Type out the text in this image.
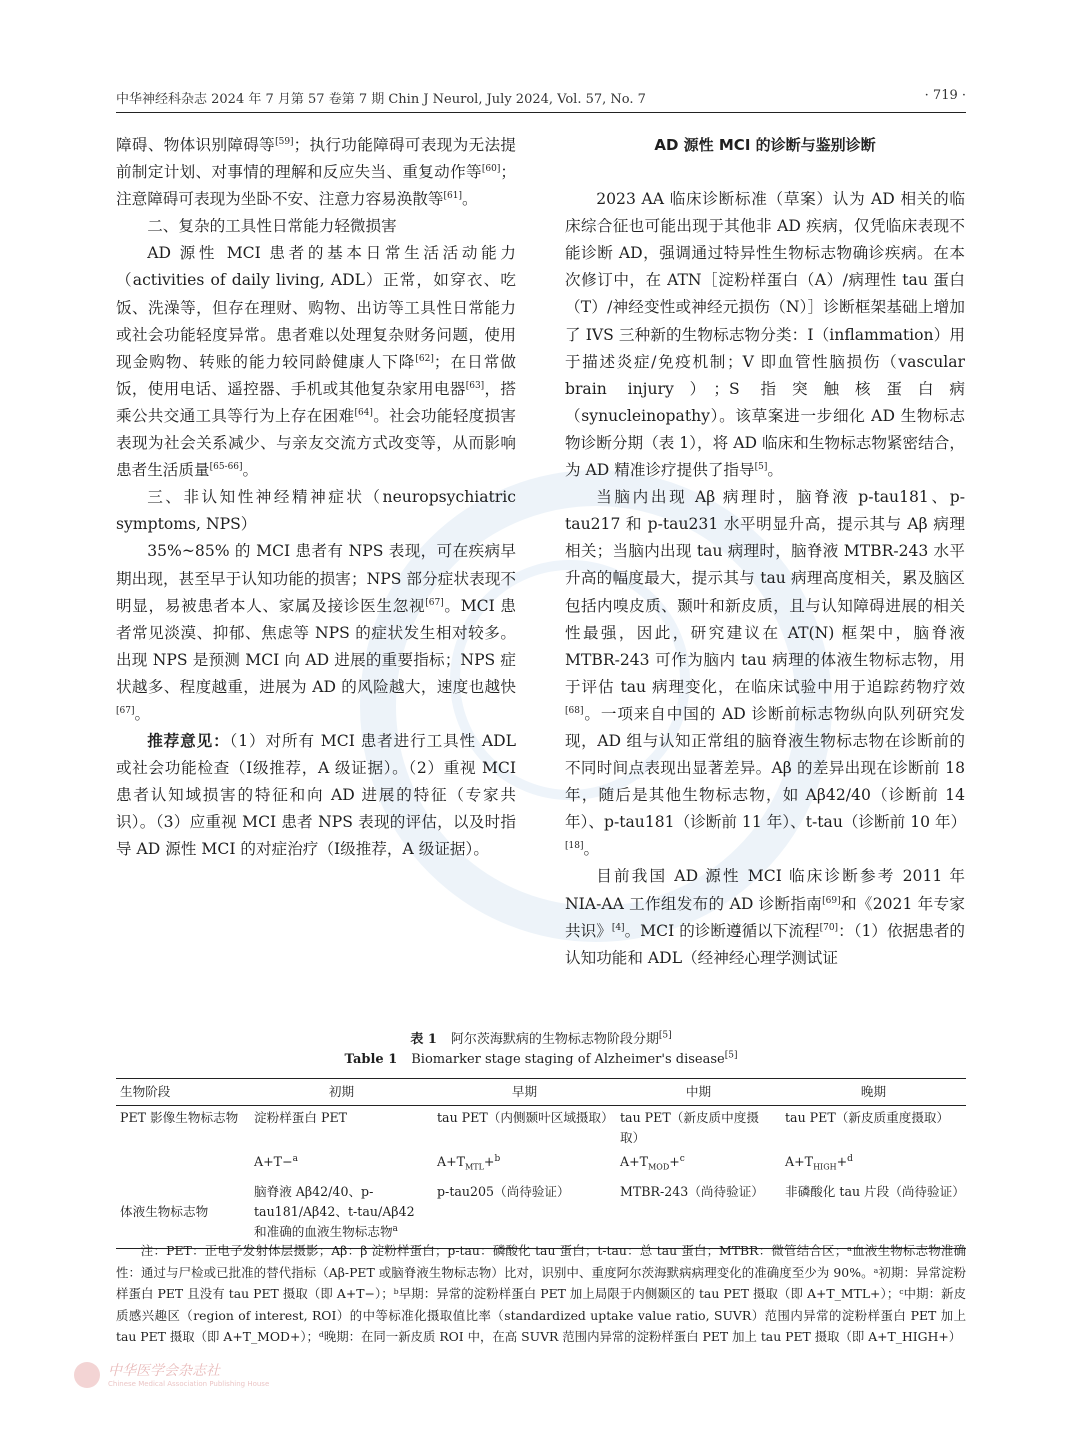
中华神经科杂志 2024 年 7 月第 57 卷第 7 期 Chin J Neurol, July 2024, Vol. 57, No. 7	· 719 ·

障碍、物体识别障碍等[59]；执行功能障碍可表现为无法提前制定计划、对事情的理解和反应失当、重复动作等[60]；注意障碍可表现为坐卧不安、注意力容易涣散等[61]。

二、复杂的工具性日常能力轻微损害

AD 源性 MCI 患者的基本日常生活活动能力（activities of daily living, ADL）正常，如穿衣、吃饭、洗澡等，但存在理财、购物、出访等工具性日常能力或社会功能轻度异常。患者难以处理复杂财务问题，使用现金购物、转账的能力较同龄健康人下降[62]；在日常做饭，使用电话、遥控器、手机或其他复杂家用电器[63]，搭乘公共交通工具等行为上存在困难[64]。社会功能轻度损害表现为社会关系减少、与亲友交流方式改变等，从而影响患者生活质量[65-66]。

三、非认知性神经精神症状（neuropsychiatric symptoms, NPS）

35%~85% 的 MCI 患者有 NPS 表现，可在疾病早期出现，甚至早于认知功能的损害；NPS 部分症状表现不明显，易被患者本人、家属及接诊医生忽视[67]。MCI 患者常见淡漠、抑郁、焦虑等 NPS 的症状发生相对较多。出现 NPS 是预测 MCI 向 AD 进展的重要指标；NPS 症状越多、程度越重，进展为 AD 的风险越大，速度也越快[67]。

推荐意见：（1）对所有 MCI 患者进行工具性 ADL 或社会功能检查（Ⅰ级推荐，A 级证据）。（2）重视 MCI 患者认知域损害的特征和向 AD 进展的特征（专家共识）。（3）应重视 MCI 患者 NPS 表现的评估，以及时指导 AD 源性 MCI 的对症治疗（Ⅰ级推荐，A 级证据）。

AD 源性 MCI 的诊断与鉴别诊断

2023 AA 临床诊断标准（草案）认为 AD 相关的临床综合征也可能出现于其他非 AD 疾病，仅凭临床表现不能诊断 AD，强调通过特异性生物标志物确诊疾病。在本次修订中，在 ATN［淀粉样蛋白（A）/病理性 tau 蛋白（T）/神经变性或神经元损伤（N）］诊断框架基础上增加了 IVS 三种新的生物标志物分类：I（inflammation）用于描述炎症/免疫机制；V 即血管性脑损伤（vascular brain injury）；S 指突触核蛋白病（synucleinopathy）。该草案进一步细化 AD 生物标志物诊断分期（表 1），将 AD 临床和生物标志物紧密结合，为 AD 精准诊疗提供了指导[5]。

当脑内出现 Aβ 病理时，脑脊液 p-tau181、p-tau217 和 p-tau231 水平明显升高，提示其与 Aβ 病理相关；当脑内出现 tau 病理时，脑脊液 MTBR-243 水平升高的幅度最大，提示其与 tau 病理高度相关，累及脑区包括内嗅皮质、颞叶和新皮质，且与认知障碍进展的相关性最强，因此，研究建议在 AT(N) 框架中，脑脊液 MTBR-243 可作为脑内 tau 病理的体液生物标志物，用于评估 tau 病理变化，在临床试验中用于追踪药物疗效[68]。一项来自中国的 AD 诊断前标志物纵向队列研究发现，AD 组与认知正常组的脑脊液生物标志物在诊断前的不同时间点表现出显著差异。Aβ 的差异出现在诊断前 18 年，随后是其他生物标志物，如 Aβ42/40（诊断前 14 年）、p-tau181（诊断前 11 年）、t-tau（诊断前 10 年）[18]。

目前我国 AD 源性 MCI 临床诊断参考 2011 年 NIA-AA 工作组发布的 AD 诊断指南[69]和《2021 年专家共识》[4]。MCI 的诊断遵循以下流程[70]：（1）依据患者的认知功能和 ADL（经神经心理学测试证

表 1 阿尔茨海默病的生物标志物阶段分期[5]
Table 1 Biomarker stage staging of Alzheimer's disease[5]
生物阶段	初期	早期	中期	晚期
PET 影像生物标志物	淀粉样蛋白 PET	tau PET（内侧颞叶区域摄取）	tau PET（新皮质中度摄取）	tau PET（新皮质重度摄取）
	A+T−$^a$	$A+T_{MTL}+^b$	$A+T_{MOD}+^c$	$A+T_{HIGH}+^d$
体液生物标志物	脑脊液 Aβ42/40、p-tau181/Aβ42、t-tau/Aβ42 和准确的血液生物标志物$^a$	p-tau205（尚待验证）	MTBR-243（尚待验证）	非磷酸化 tau 片段（尚待验证）

注：PET：正电子发射体层摄影；Aβ：β 淀粉样蛋白；p-tau：磷酸化 tau 蛋白；t-tau：总 tau 蛋白；MTBR：微管结合区；ᵃ血液生物标志物准确性：通过与尸检或已批准的替代指标（Aβ-PET 或脑脊液生物标志物）比对，识别中、重度阿尔茨海默病病理变化的准确度至少为 90%。ᵃ初期：异常淀粉样蛋白 PET 且没有 tau PET 摄取（即 A+T−）；ᵇ早期：异常的淀粉样蛋白 PET 加上局限于内侧颞区的 tau PET 摄取（即 A+T_MTL+）；ᶜ中期：新皮质感兴趣区（region of interest, ROI）的中等标准化摄取值比率（standardized uptake value ratio, SUVR）范围内异常的淀粉样蛋白 PET 加上 tau PET 摄取（即 A+T_MOD+）；ᵈ晚期：在同一新皮质 ROI 中，在高 SUVR 范围内异常的淀粉样蛋白 PET 加上 tau PET 摄取（即 A+T_HIGH+）

中华医学会杂志社
Chinese Medical Association Publishing House
